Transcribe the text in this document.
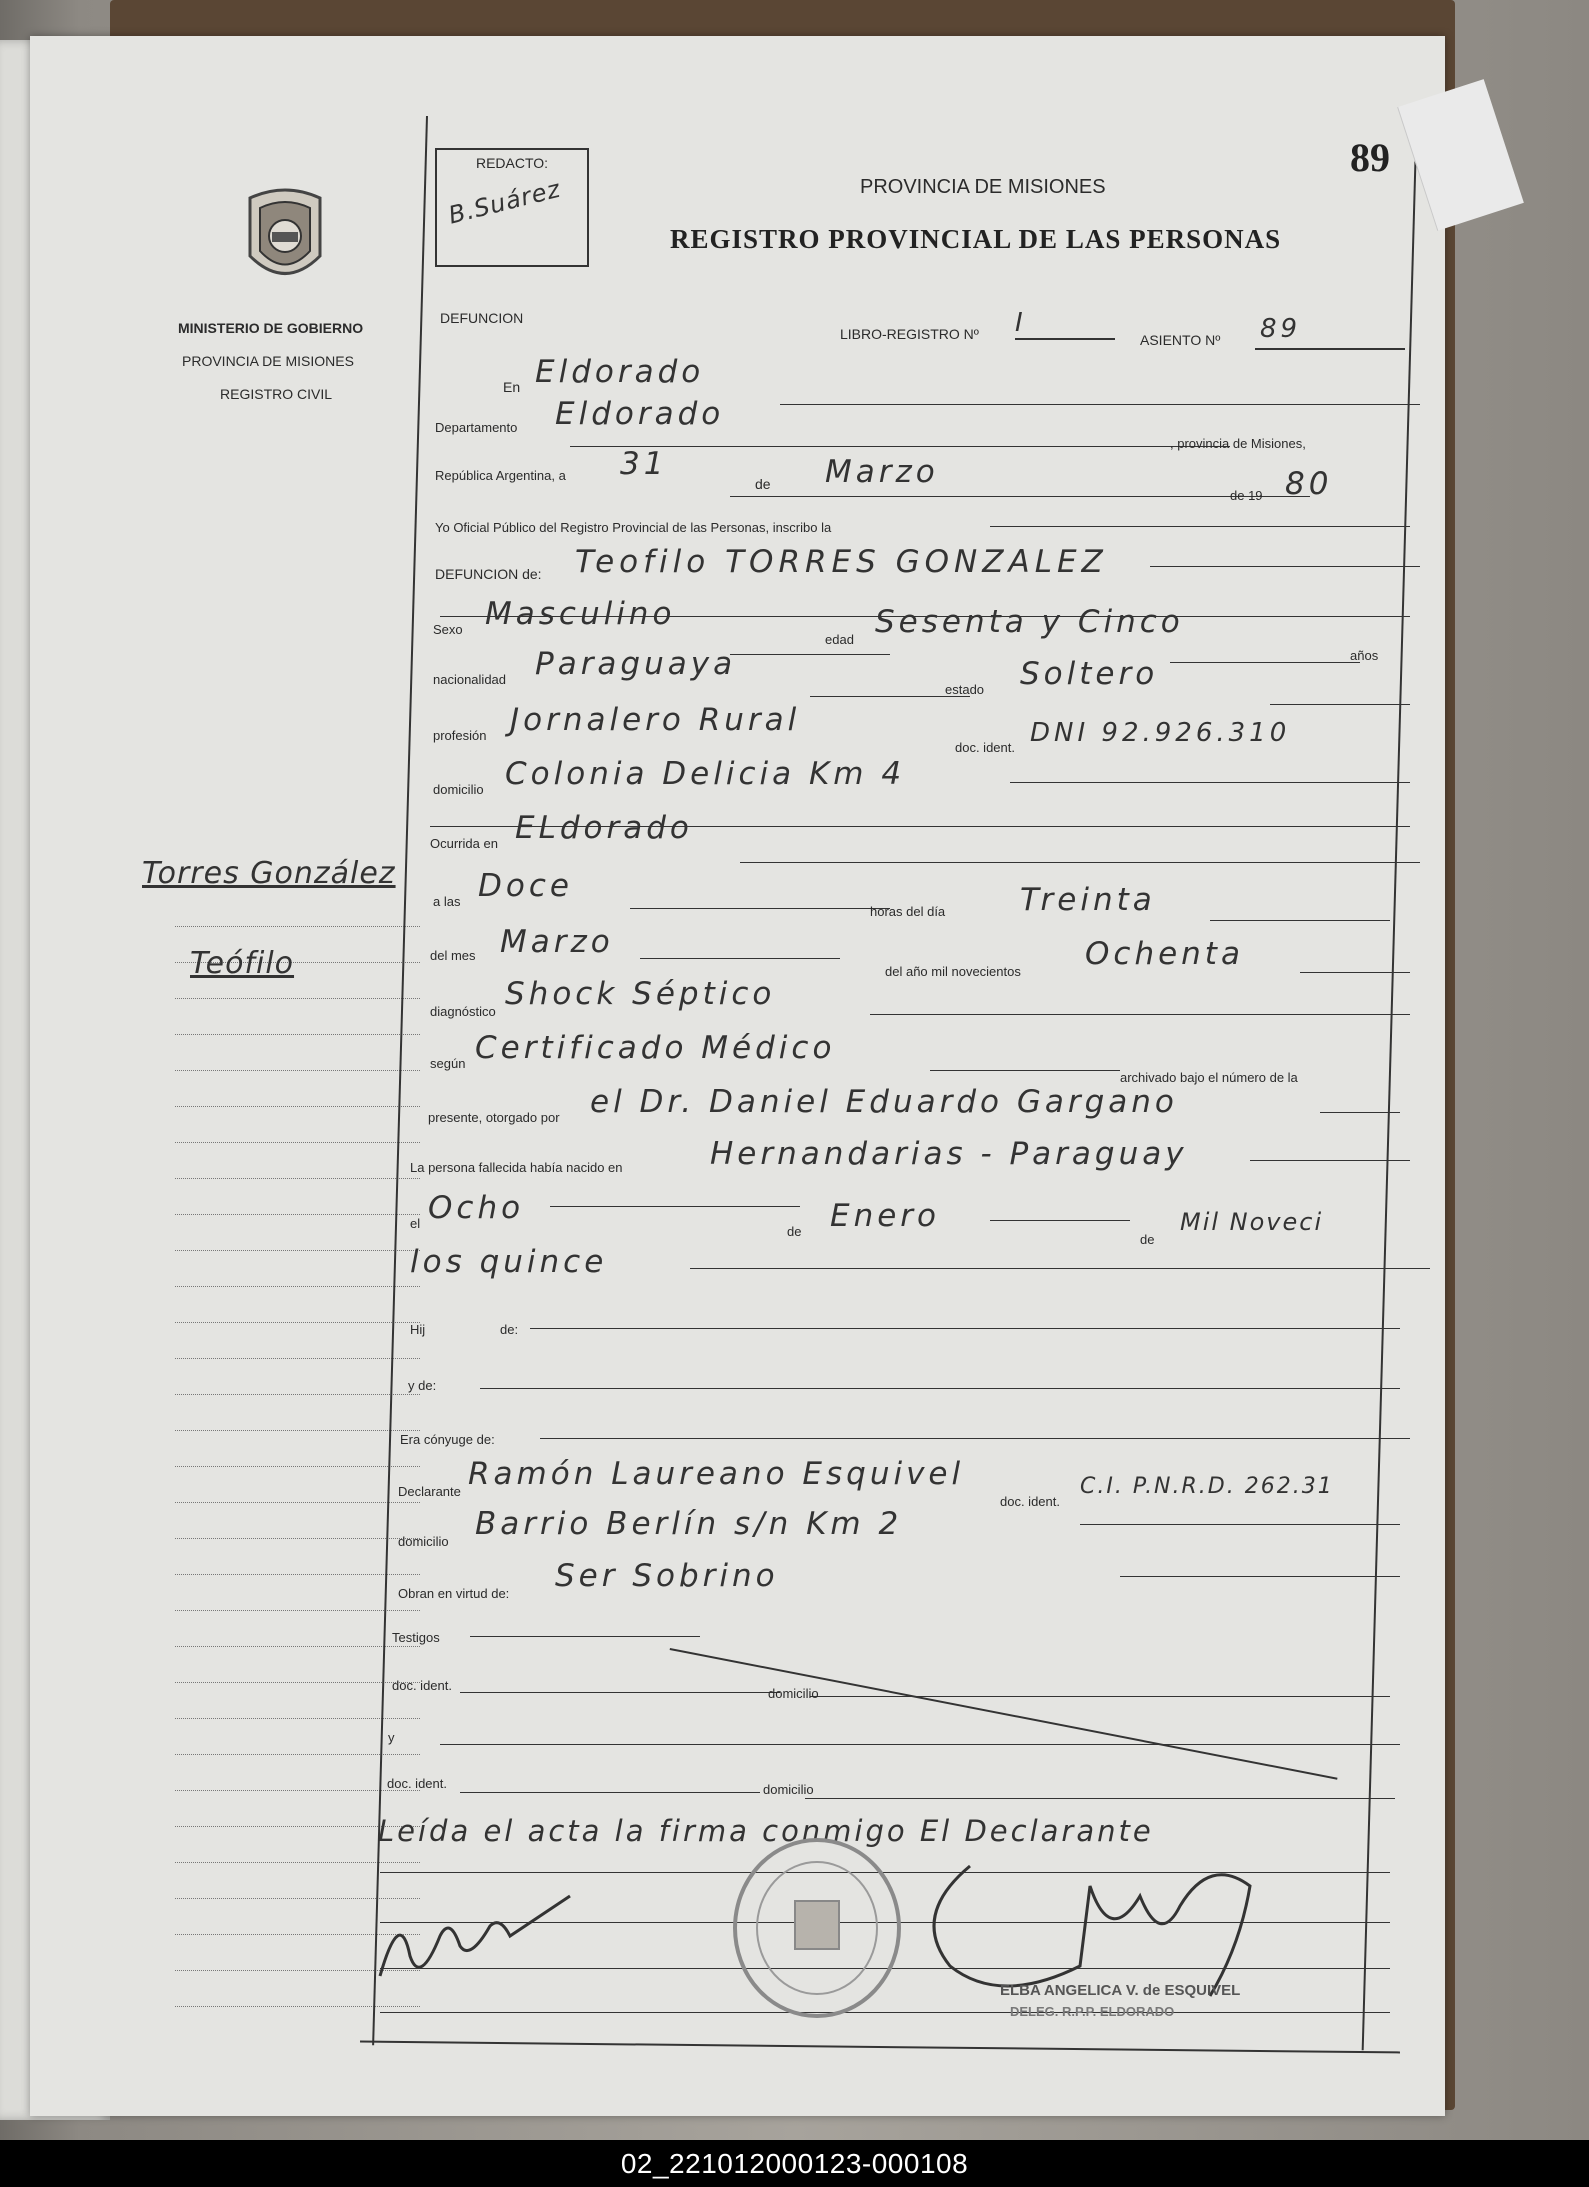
MINISTERIO DE GOBIERNO
PROVINCIA DE MISIONES
REGISTRO CIVIL
Torres González
Teófilo
REDACTO:
B.Suárez
89
PROVINCIA DE MISIONES
REGISTRO PROVINCIAL DE LAS PERSONAS
DEFUNCION
LIBRO-REGISTRO Nº I
ASIENTO Nº 89
En Eldorado
Departamento Eldorado
, provincia de Misiones,
República Argentina, a 31
de Marzo
de 19 80
Yo Oficial Público del Registro Provincial de las Personas, inscribo la
DEFUNCION de: Teofilo TORRES GONZALEZ
Sexo Masculino
edad Sesenta y Cinco
años
nacionalidad Paraguaya
estado Soltero
profesión Jornalero Rural
doc. ident. DNI 92.926.310
domicilio Colonia Delicia Km 4
Ocurrida en ELdorado
a las Doce
horas del día Treinta
del mes Marzo
del año mil novecientos Ochenta
diagnóstico Shock Séptico
según Certificado Médico
archivado bajo el número de la
presente, otorgado por el Dr. Daniel Eduardo Gargano
La persona fallecida había nacido en	Hernandarias - Paraguay
el Ocho
de Enero
de
Mil Noveci
los quince
Hij	de:
y de:
Era cónyuge de:
Declarante Ramón Laureano Esquivel
doc. ident.
C.I. P.N.R.D. 262.31
domicilio Barrio Berlín s/n Km 2
Obran en virtud de: Ser Sobrino
Testigos
doc. ident.
domicilio
y
doc. ident.	domicilio
Leída el acta la firma conmigo El Declarante
ELBA ANGELICA V. de ESQUIVEL
DELEG. R.P.P. ELDORADO
02_221012000123-000108
